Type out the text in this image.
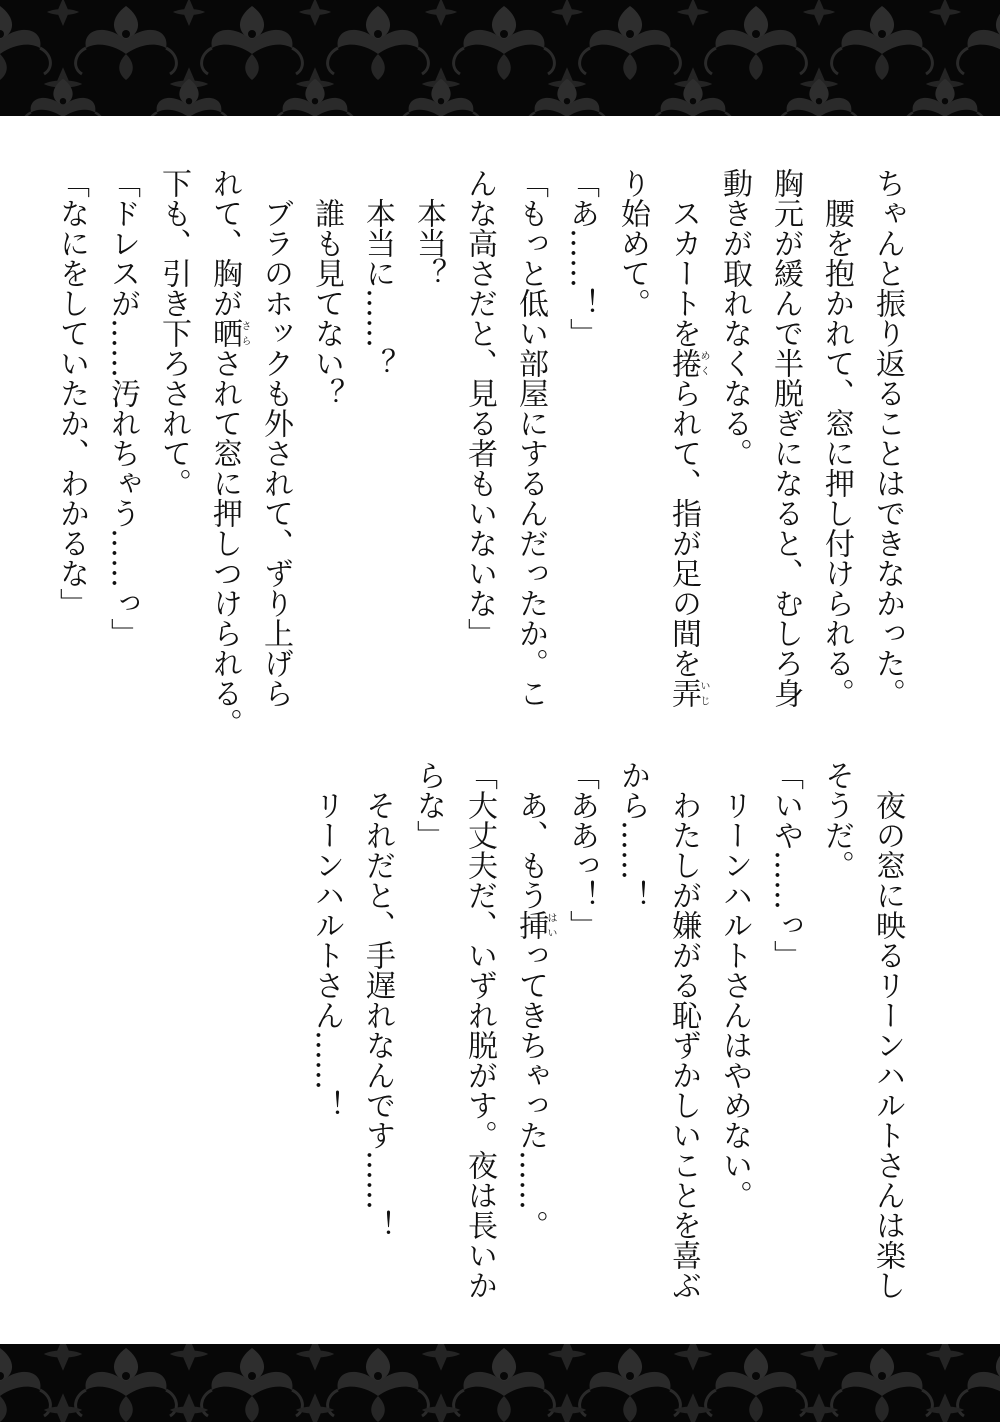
ちゃんと振り返ることはできなかった。
　腰を抱かれて、窓に押し付けられる。
胸元が緩んで半脱ぎになると、むしろ身
動きが取れなくなる。
　スカートを捲めくられて、指が足の間を弄いじ
り始めて。
「あ……！」
「もっと低い部屋にするんだったか。こ
んな高さだと、見る者もいないな」
　本当？
　本当に……？
　誰も見てない？
　ブラのホックも外されて、ずり上げら
れて、胸が晒さらされて窓に押しつけられる。
下も、引き下ろされて。
「ドレスが……汚れちゃう……っ」
「なにをしていたか、わかるな」
　夜の窓に映るリーンハルトさんは楽し
そうだ。
「いや……っ」
　リーンハルトさんはやめない。
　わたしが嫌がる恥ずかしいことを喜ぶ
から……！
「ああっ！」
　あ、もう挿はいってきちゃった……。
「大丈夫だ、いずれ脱がす。夜は長いか
らな」
　それだと、手遅れなんです……！
　リーンハルトさん……！
